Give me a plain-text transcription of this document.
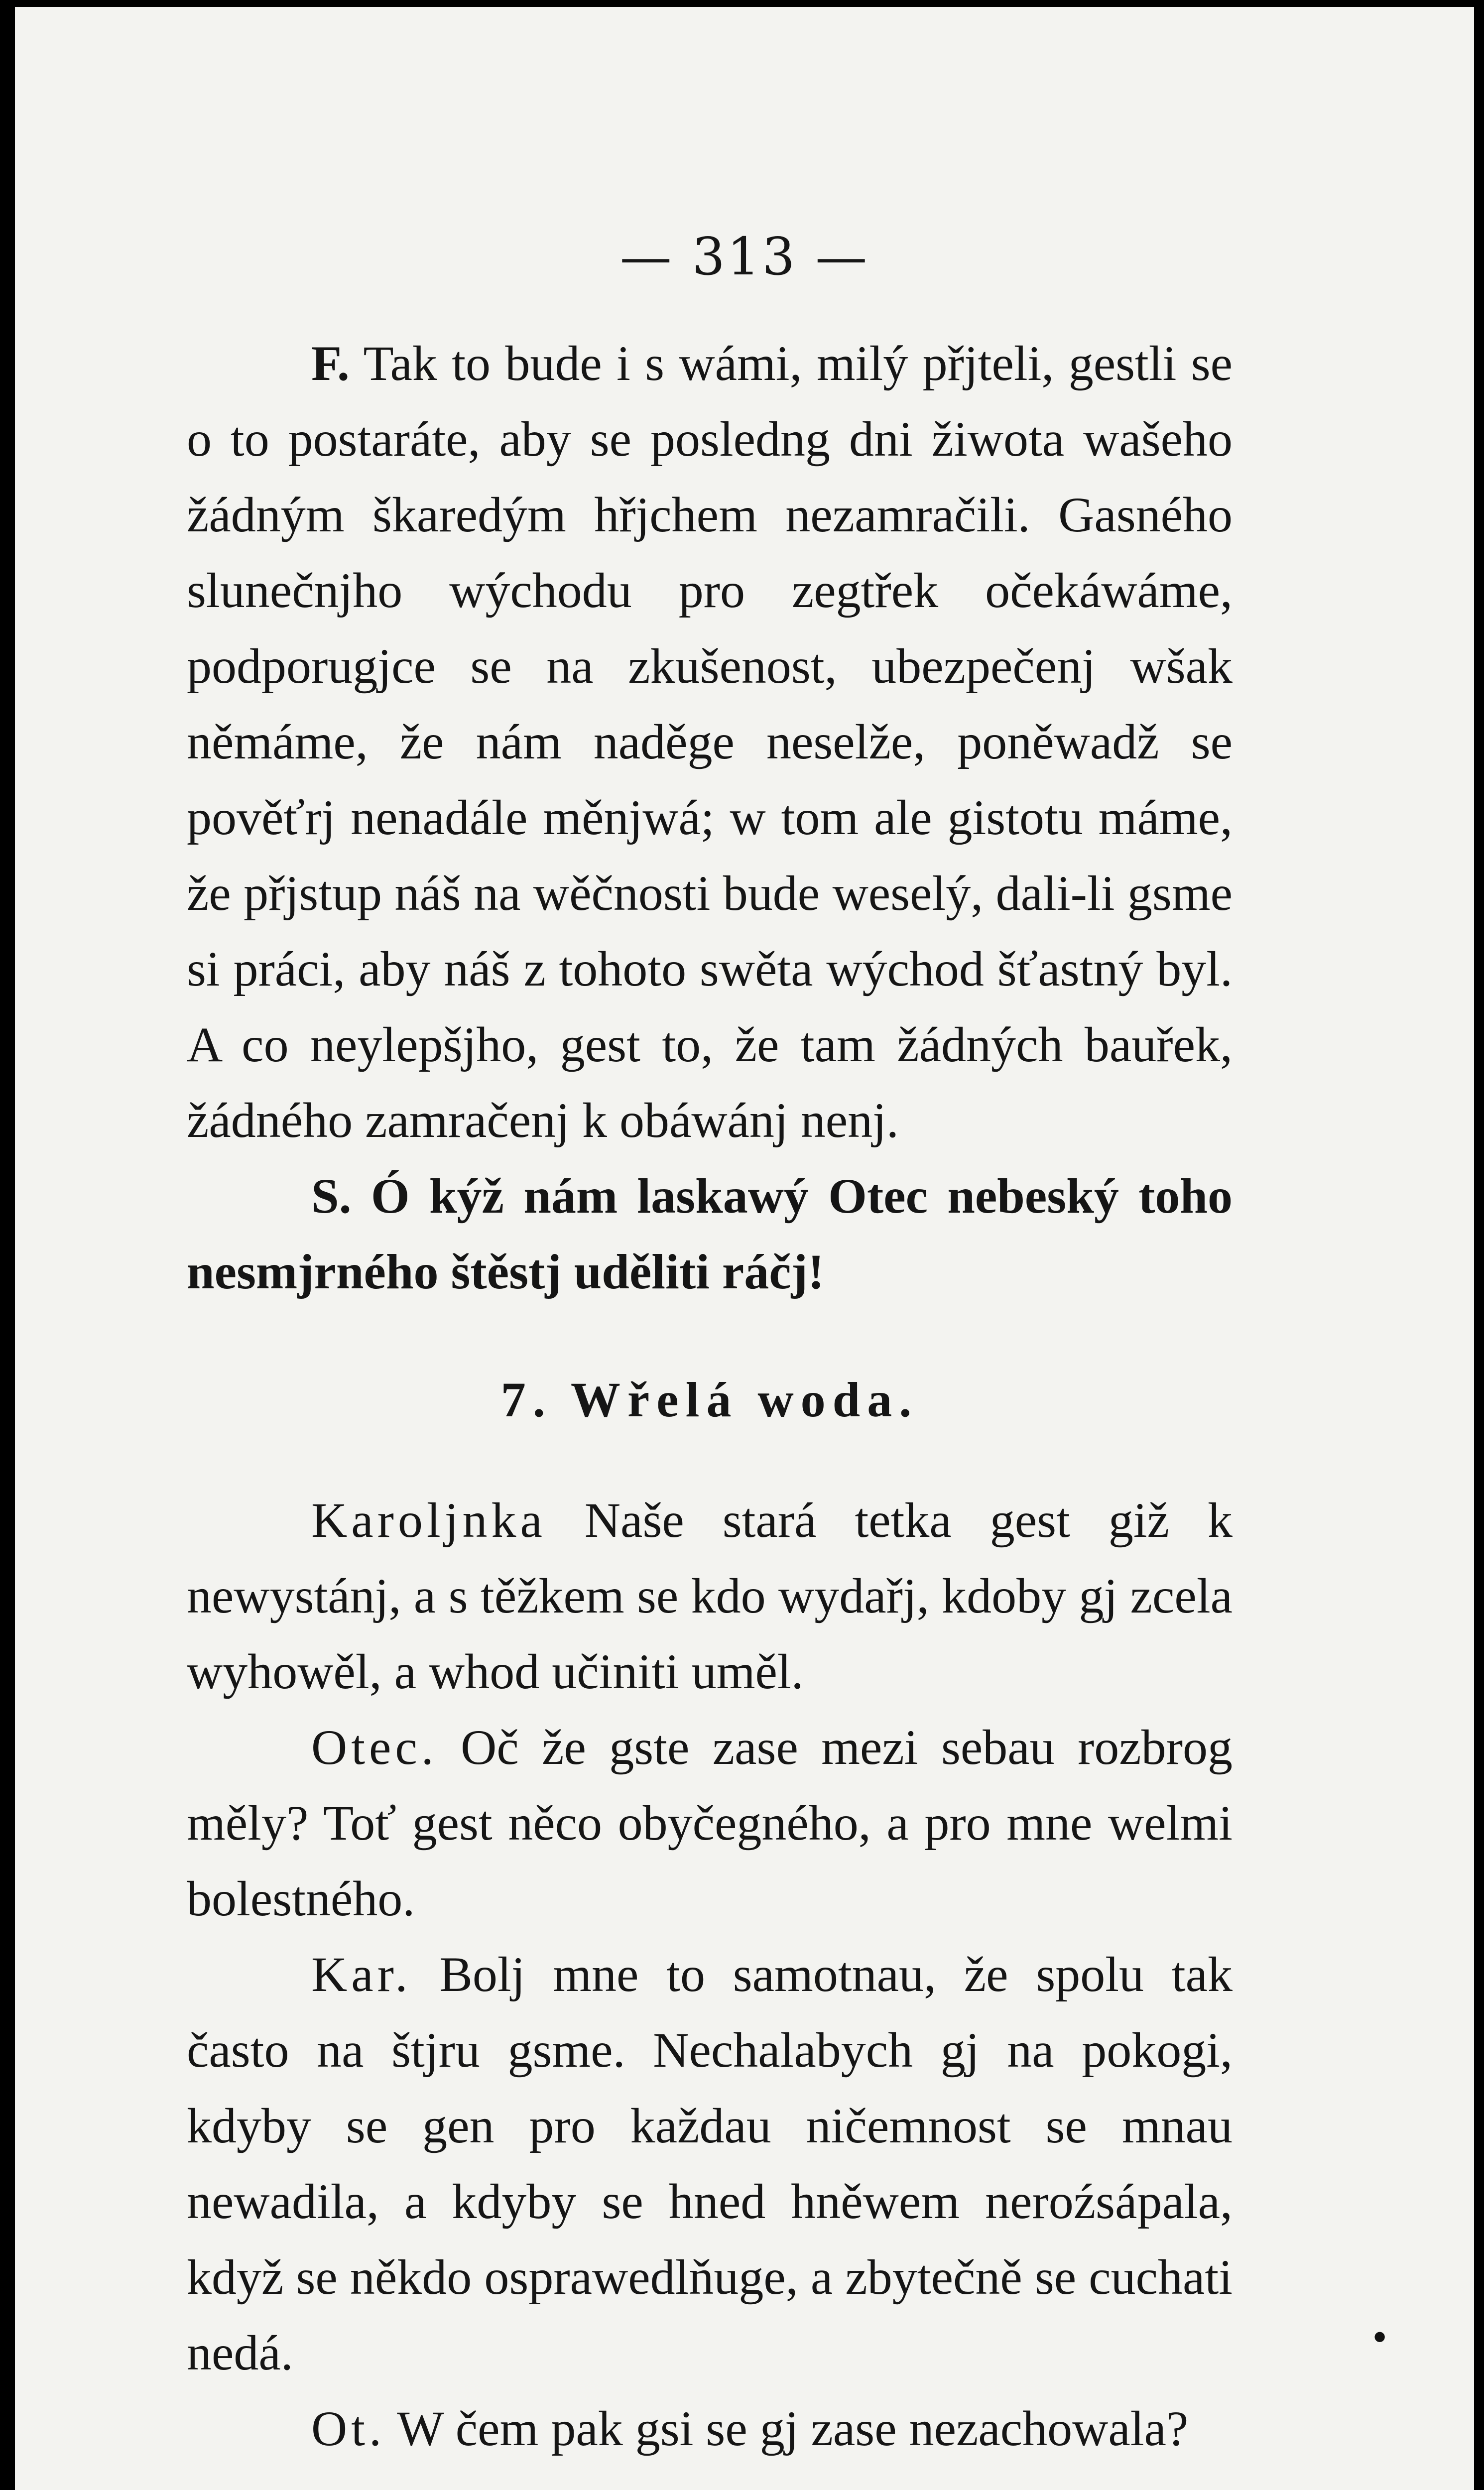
— 313 —

F. Tak to bude i s wámi, milý přjteli, gestli se o to postaráte, aby se posledng dni žiwota wašeho žádným škaredým hřjchem nezamračili. Gasného slunečnjho wýchodu pro zegtřek očekáwáme, podporugjce se na zkušenost, ubezpečenj wšak němáme, že nám naděge neselže, poněwadž se pověťrj nenadále měnjwá; w tom ale gistotu máme, že přjstup náš na wěčnosti bude weselý, dali-li gsme si práci, aby náš z tohoto swěta wýchod šťastný byl. A co neylepšjho, gest to, že tam žádných bauřek, žádného zamračenj k obáwánj nenj.

S. Ó kýž nám laskawý Otec nebeský toho nesmjrného štěstj uděliti ráčj!

7. Wřelá woda.

Karoljnka Naše stará tetka gest giž k newystánj, a s těžkem se kdo wydařj, kdoby gj zcela wyhowěl, a whod učiniti uměl.

Otec. Oč že gste zase mezi sebau rozbrog měly? Toť gest něco obyčegného, a pro mne welmi bolestného.

Kar. Bolj mne to samotnau, že spolu tak často na štjru gsme. Nechalabych gj na pokogi, kdyby se gen pro každau ničemnost se mnau newadila, a kdyby se hned hněwem neroźsápala, když se někdo osprawedlňuge, a zbytečně se cuchati nedá.

Ot. W čem pak gsi se gj zase nezachowala?

•
